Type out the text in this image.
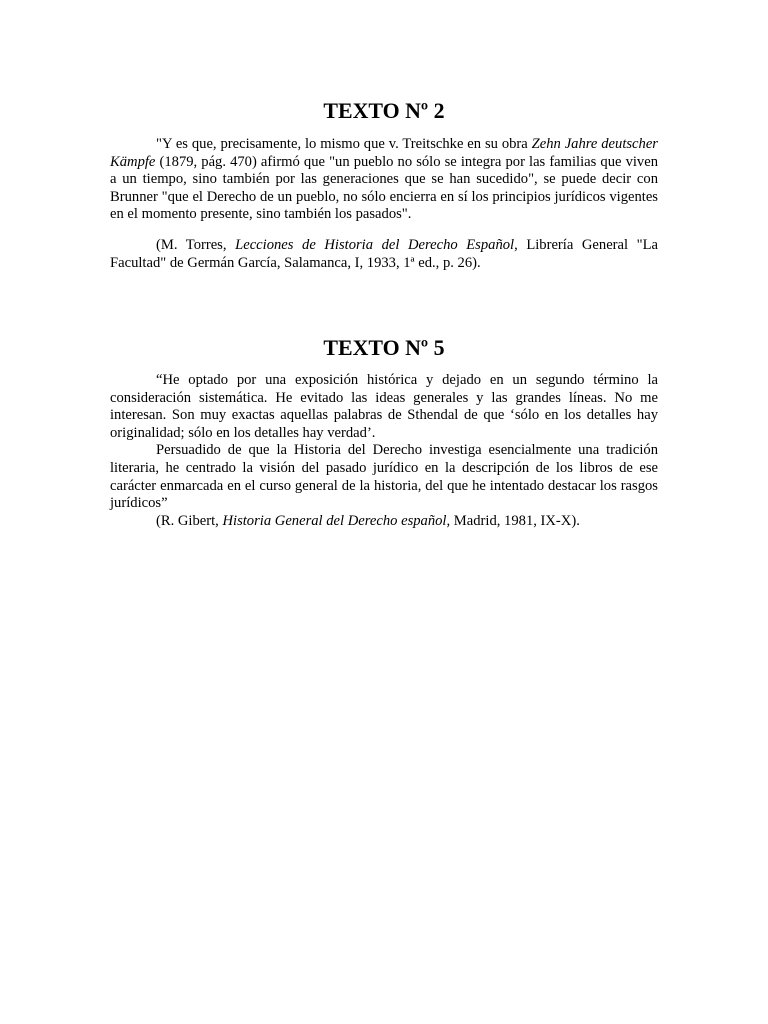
TEXTO Nº 2

"Y es que, precisamente, lo mismo que v. Treitschke en su obra Zehn Jahre deutscher Kämpfe (1879, pág. 470) afirmó que "un pueblo no sólo se integra por las familias que viven a un tiempo, sino también por las generaciones que se han sucedido", se puede decir con Brunner "que el Derecho de un pueblo, no sólo encierra en sí los principios jurídicos vigentes en el momento presente, sino también los pasados".

(M. Torres, Lecciones de Historia del Derecho Español, Librería General "La Facultad" de Germán García, Salamanca, I, 1933, 1ª ed., p. 26).

TEXTO Nº 5

“He optado por una exposición histórica y dejado en un segundo término la consideración sistemática. He evitado las ideas generales y las grandes líneas. No me interesan. Son muy exactas aquellas palabras de Sthendal de que ‘sólo en los detalles hay originalidad; sólo en los detalles hay verdad’.

Persuadido de que la Historia del Derecho investiga esencialmente una tradición literaria, he centrado la visión del pasado jurídico en la descripción de los libros de ese carácter enmarcada en el curso general de la historia, del que he intentado destacar los rasgos jurídicos”

(R. Gibert, Historia General del Derecho español, Madrid, 1981, IX-X).
